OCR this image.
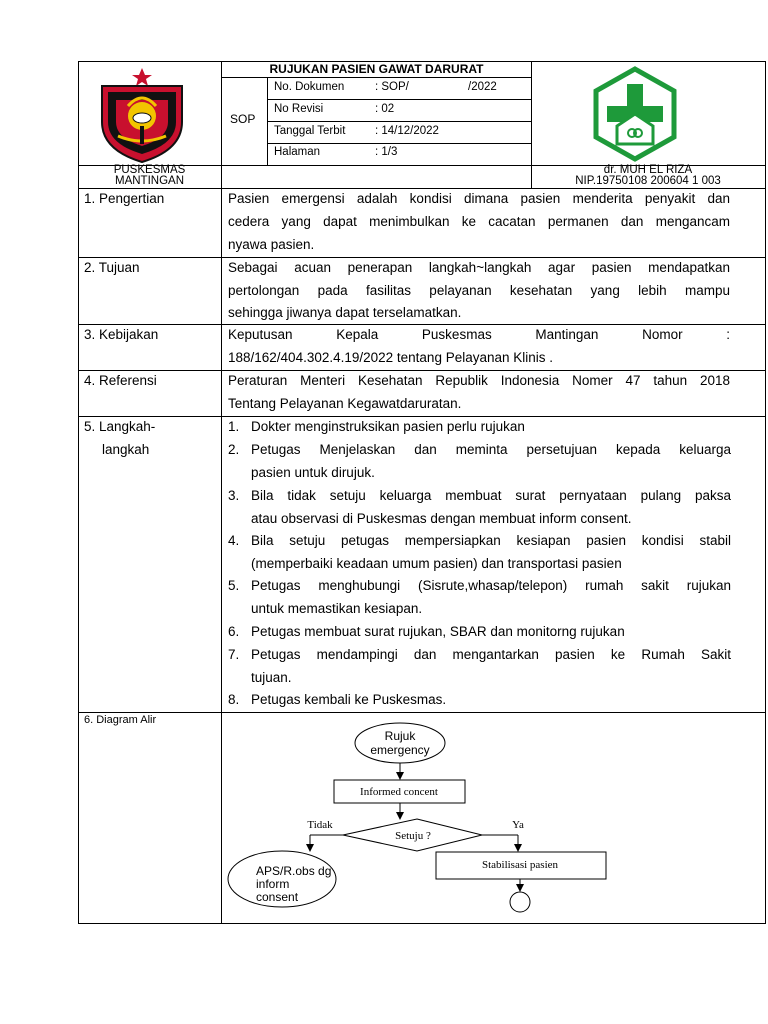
PUSKESMAS
MANTINGAN
RUJUKAN PASIEN GAWAT DARURAT
SOP
No. Dokumen	: SOP/	/2022
No Revisi	: 02
Tanggal Terbit	: 14/12/2022
Halaman	: 1/3
dr. MUH EL RIZA
NIP.19750108 200604 1 003
1. Pengertian	Pasien emergensi adalah kondisi dimana pasien menderita penyakit dan
cedera yang dapat menimbulkan ke cacatan permanen dan mengancam
nyawa pasien.
2. Tujuan	Sebagai acuan penerapan langkah~langkah agar pasien mendapatkan
pertolongan pada fasilitas pelayanan kesehatan yang lebih mampu
sehingga jiwanya dapat terselamatkan.
3. Kebijakan	Keputusan Kepala Puskesmas Mantingan Nomor :
188/162/404.302.4.19/2022 tentang Pelayanan Klinis .
4. Referensi	Peraturan Menteri Kesehatan Republik Indonesia Nomer 47 tahun 2018
Tentang Pelayanan Kegawatdaruratan.
5. Langkah-
langkah
1. Dokter menginstruksikan pasien perlu rujukan
2. Petugas Menjelaskan dan meminta persetujuan kepada keluarga
pasien untuk dirujuk.
3. Bila tidak setuju keluarga membuat surat pernyataan pulang paksa
atau observasi di Puskesmas dengan membuat inform consent.
4. Bila setuju petugas mempersiapkan kesiapan pasien kondisi stabil
(memperbaiki keadaan umum pasien) dan transportasi pasien
5. Petugas menghubungi (Sisrute,whasap/telepon) rumah sakit rujukan
untuk memastikan kesiapan.
6. Petugas membuat surat rujukan, SBAR dan monitorng rujukan
7. Petugas mendampingi dan mengantarkan pasien ke Rumah Sakit
tujuan.
8. Petugas kembali ke Puskesmas.
6. Diagram Alir
Rujuk
emergency
Informed concent
Setuju ?
Tidak	Ya
APS/R.obs dg
inform
consent
Stabilisasi pasien
